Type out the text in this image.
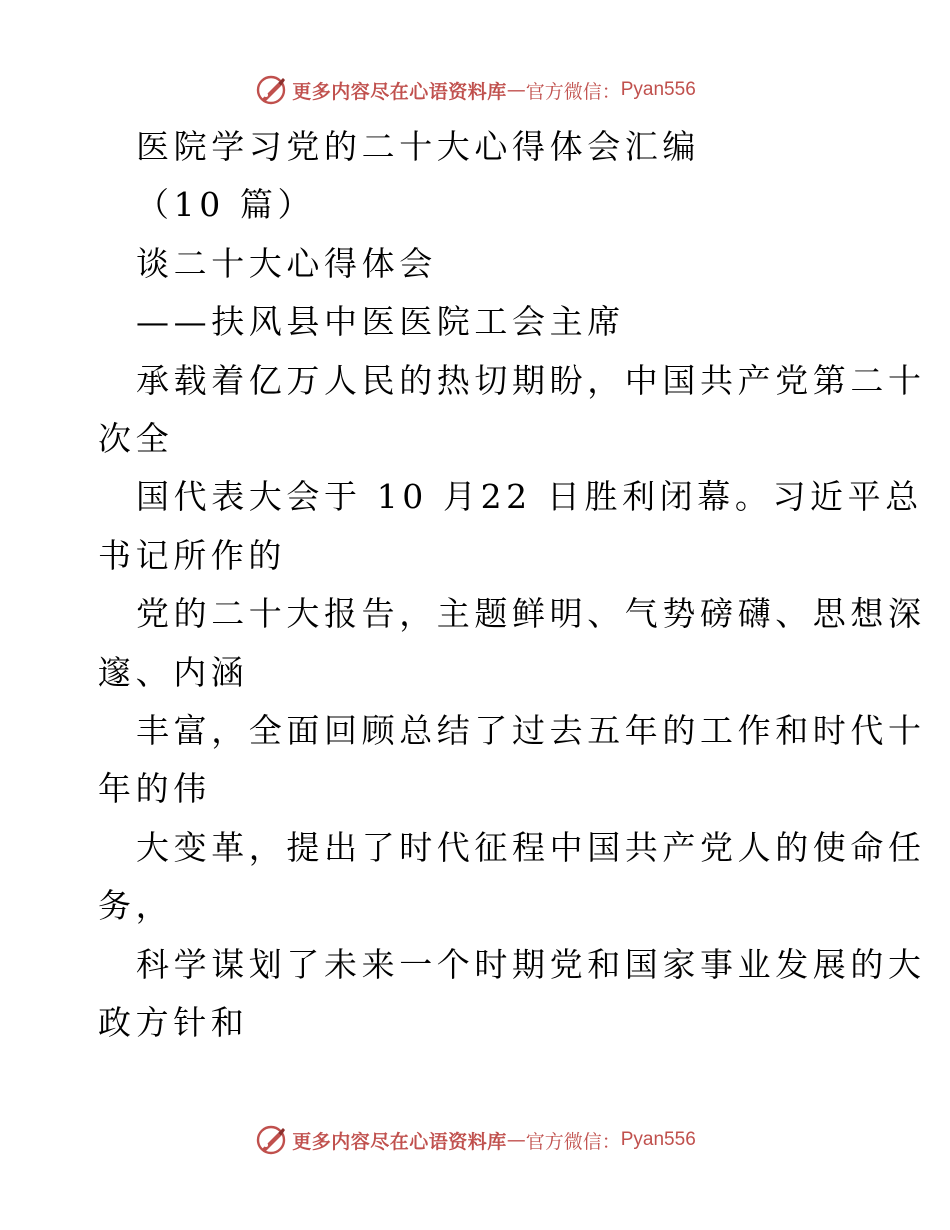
更多内容尽在心语资料库 — 官方微信： Pyan556
医院学习党的二十大心得体会汇编
（10 篇）
谈二十大心得体会
——扶风县中医医院工会主席
承载着亿万人民的热切期盼，中国共产党第二十
次全
国代表大会于 10 月22 日胜利闭幕。习近平总
书记所作的
党的二十大报告，主题鲜明、气势磅礴、思想深
邃、内涵
丰富，全面回顾总结了过去五年的工作和时代十
年的伟
大变革，提出了时代征程中国共产党人的使命任
务，
科学谋划了未来一个时期党和国家事业发展的大
政方针和
更多内容尽在心语资料库 — 官方微信： Pyan556
